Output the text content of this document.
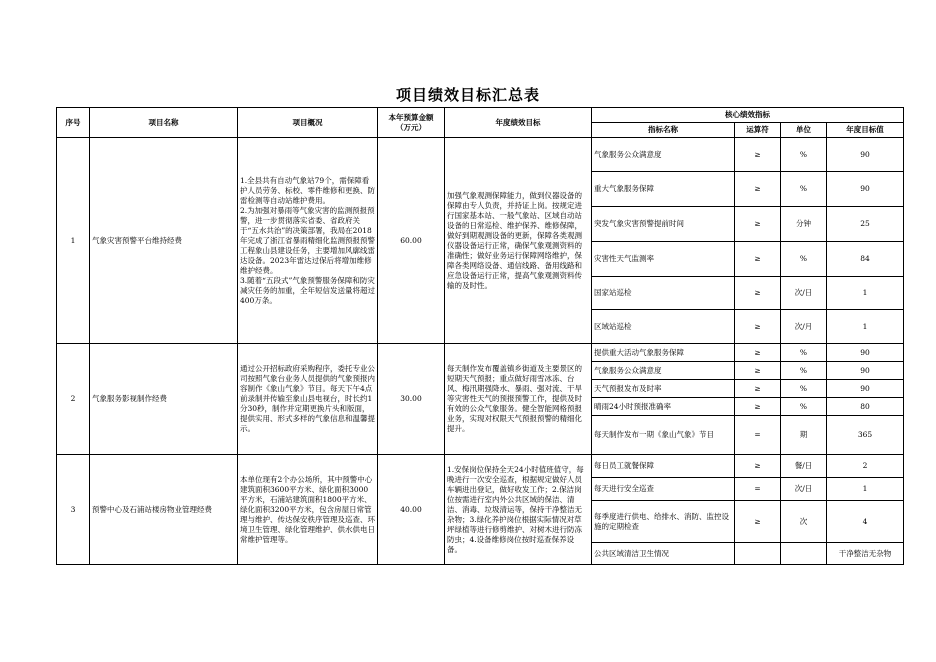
项目绩效目标汇总表
序号	项目名称	项目概况	本年预算金额
（万元）	年度绩效目标	核心绩效指标			
					指标名称	运算符	单位	年度目标值
1	气象灾害预警平台维持经费	1.全县共有自动气象站79个，需保障看护人员劳务、标校、零件维修和更换、防雷检测等自动站维护费用。
2.为加强对暴雨等气象灾害的监测预报预警，进一步贯彻落实省委、省政府关于“五水共治”的决策部署，我局在2018年完成了浙江省暴雨精细化监测预报预警工程象山县建设任务，主要增加风廓线雷达设备。2023年雷达过保后将增加维修维护经费。
3.随着“五段式”气象预警服务保障和防灾减灾任务的加重，全年短信发送量将超过400万条。	60.00	加强气象观测保障能力，做到仪器设备的保障由专人负责，并持证上岗。按规定进行国家基本站、一般气象站、区域自动站设备的日常巡检、维护保养、维修保障，做好到期观测设备的更新，保障各类观测仪器设备运行正常，确保气象观测资料的准确性；做好业务运行保障网络维护，保障各类网络设备、通信线路、备用线路和应急设备运行正常，提高气象观测资料传输的及时性。	气象服务公众满意度	≥	%	90
					重大气象服务保障	≥	%	90
					突发气象灾害预警提前时间	≥	分钟	25
					灾害性天气监测率	≥	%	84
					国家站巡检	≥	次/日	1
					区域站巡检	≥	次/月	1
2	气象服务影视制作经费	通过公开招标政府采购程序，委托专业公司按照气象台业务人员提供的气象预报内容制作《象山气象》节目。每天下午4点前录制并传输至象山县电视台，时长约1分30秒，制作并定期更换片头和版面，提供实用、形式多样的气象信息和温馨提示。	30.00	每天制作发布覆盖镇乡街道及主要景区的短期天气预报；重点做好雨雪冰冻、台风、梅汛期强降水、暴雨、强对流、干旱等灾害性天气的预报预警工作，提供及时有效的公众气象服务。健全智能网格预报业务，实现对权限天气预报预警的精细化提升。	提供重大活动气象服务保障	≥	%	90
					气象服务公众满意度	≥	%	90
					天气预报发布及时率	≥	%	90
					晴雨24小时预报准确率	≥	%	80
					每天制作发布一期《象山气象》节目	=	期	365
3	预警中心及石浦站楼房物业管理经费	本单位现有2个办公场所，其中预警中心建筑面积3600平方米、绿化面积3000平方米，石浦站建筑面积1800平方米、绿化面积3200平方米，包含房屋日常管理与维护、传达保安秩序管理及巡查、环境卫生管理、绿化管理维护、供水供电日常维护管理等。	40.00	1.安保岗位保持全天24小时值班值守，每晚进行一次安全巡查，根据规定做好人员车辆进出登记，做好收发工作；2.保洁岗位按需进行室内外公共区域的保洁、清洁、消毒、垃圾清运等，保持干净整洁无杂物；3.绿化养护岗位根据实际情况对草坪绿植等进行修剪维护、对树木进行防冻防虫；4.设备维修岗位按时巡查保养设备。	每日员工就餐保障	≥	餐/日	2
					每天进行安全巡查	=	次/日	1
					每季度进行供电、给排水、消防、监控设施的定期检查	≥	次	4
					公共区域清洁卫生情况			干净整洁无杂物
